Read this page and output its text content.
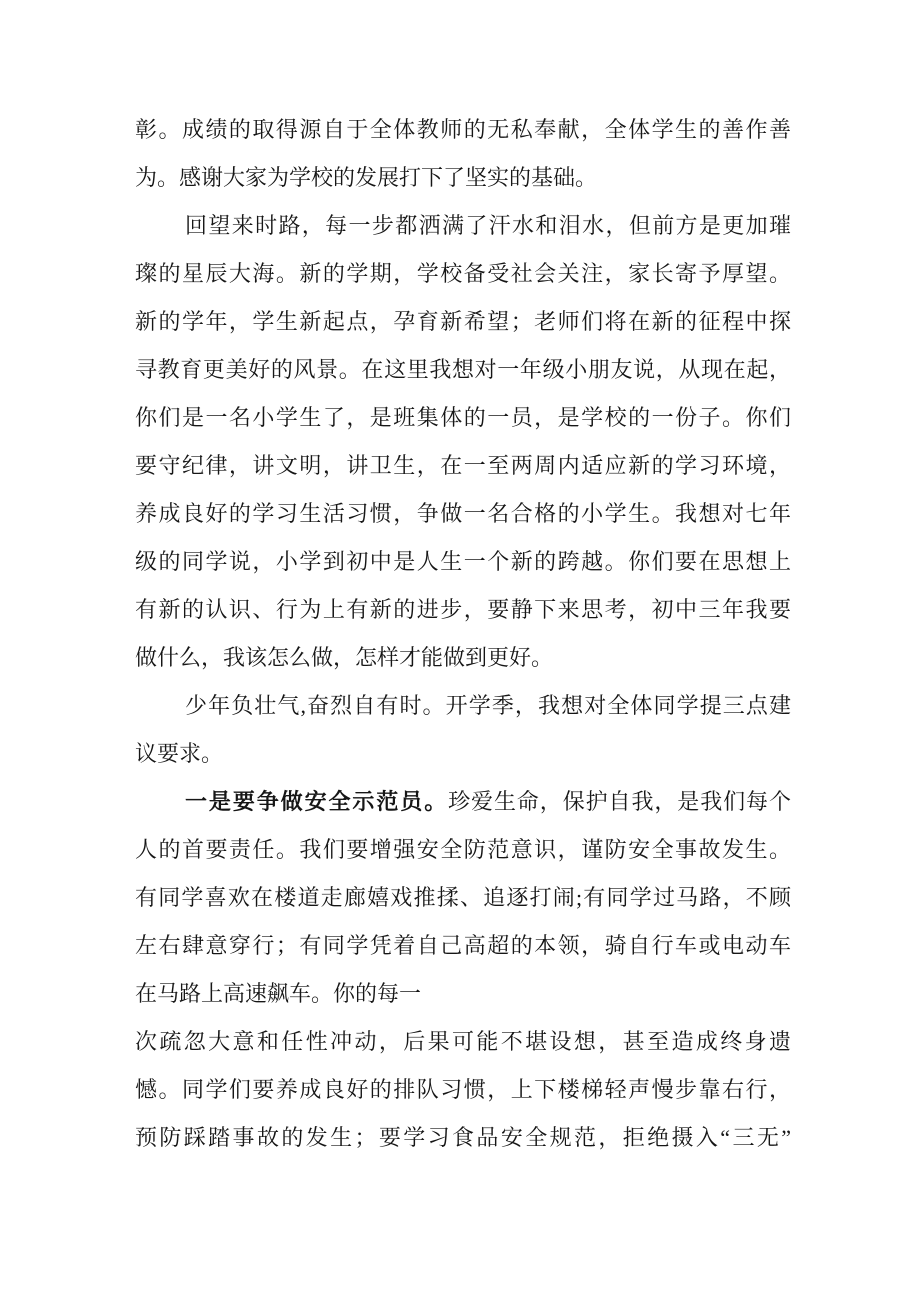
彰。成绩的取得源自于全体教师的无私奉献，全体学生的善作善
为。感谢大家为学校的发展打下了坚实的基础。
回望来时路，每一步都洒满了汗水和泪水，但前方是更加璀
璨的星辰大海。新的学期，学校备受社会关注，家长寄予厚望。
新的学年，学生新起点，孕育新希望；老师们将在新的征程中探
寻教育更美好的风景。在这里我想对一年级小朋友说，从现在起，
你们是一名小学生了，是班集体的一员，是学校的一份子。你们
要守纪律，讲文明，讲卫生，在一至两周内适应新的学习环境，
养成良好的学习生活习惯，争做一名合格的小学生。我想对七年
级的同学说，小学到初中是人生一个新的跨越。你们要在思想上
有新的认识、行为上有新的进步，要静下来思考，初中三年我要
做什么，我该怎么做，怎样才能做到更好。
少年负壮气,奋烈自有时。开学季，我想对全体同学提三点建
议要求。
一是要争做安全示范员。珍爱生命，保护自我，是我们每个
人的首要责任。我们要增强安全防范意识，谨防安全事故发生。
有同学喜欢在楼道走廊嬉戏推揉、追逐打闹;有同学过马路，不顾
左右肆意穿行；有同学凭着自己高超的本领，骑自行车或电动车
在马路上高速飙车。你的每一
次疏忽大意和任性冲动，后果可能不堪设想，甚至造成终身遗
憾。同学们要养成良好的排队习惯，上下楼梯轻声慢步靠右行，
预防踩踏事故的发生；要学习食品安全规范，拒绝摄入“三无”
